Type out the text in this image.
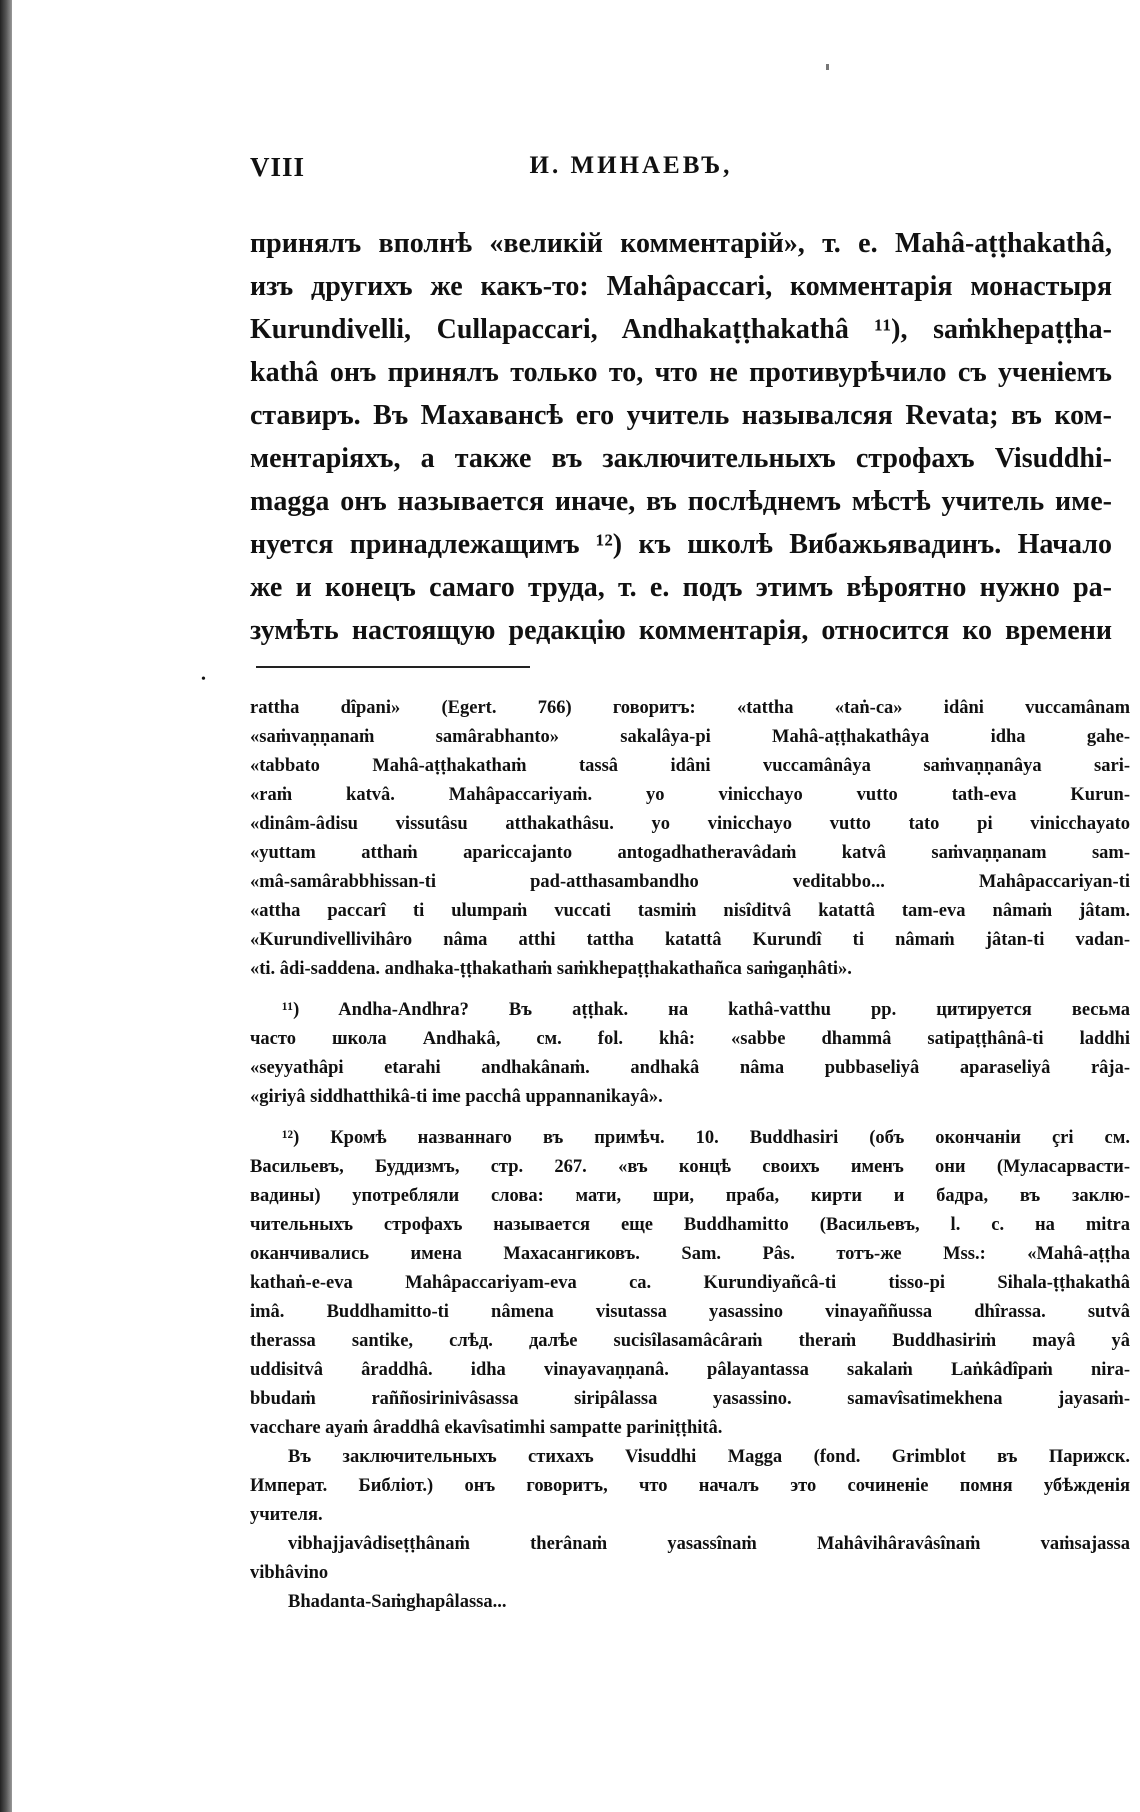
VIII	И. МИНАЕВЪ,

принялъ вполнѣ «великій комментарій», т. е. Mahâ-aṭṭhakathâ,

изъ другихъ же какъ-то: Mahâpaccari, комментарія монастыря

Kurundivelli, Cullapaccari, Andhakaṭṭhakathâ ¹¹), saṁkhepaṭṭha-

kathâ онъ принялъ только то, что не противурѣчило съ ученіемъ

ставиръ. Въ Махавансѣ его учитель называлсяя Revata; въ ком-

ментаріяхъ, а также въ заключительныхъ строфахъ Visuddhi-

magga онъ называется иначе, въ послѣднемъ мѣстѣ учитель име-

нуется принадлежащимъ ¹²) къ школѣ Вибажьявадинъ. Начало

же и конецъ самаго труда, т. е. подъ этимъ вѣроятно нужно ра-

зумѣть настоящую редакцію комментарія, относится ко времени

•
rattha dîpani» (Egert. 766) говоритъ: «tattha «taṅ-ca» idâni vuccamânam
«saṁvaṇṇanaṁ samârabhanto» sakalâya-pi Mahâ-aṭṭhakathâya idha gahe-
«tabbato Mahâ-aṭṭhakathaṁ tassâ idâni vuccamânâya saṁvaṇṇanâya sari-
«raṁ katvâ. Mahâpaccariyaṁ. yo vinicchayo vutto tath-eva Kurun-
«dinâm-âdisu vissutâsu atthakathâsu. yo vinicchayo vutto tato pi vinicchayato
«yuttam atthaṁ apariccajanto antogadhatheravâdaṁ katvâ saṁvaṇṇanam sam-
«mâ-samârabbhissan-ti pad-atthasambandho veditabbo... Mahâpaccariyan-ti
«attha paccarî ti ulumpaṁ vuccati tasmiṁ nisîditvâ katattâ tam-eva nâmaṁ jâtam.
«Kurundivellivihâro nâma atthi tattha katattâ Kurundî ti nâmaṁ jâtan-ti vadan-
«ti. âdi-saddena. andhaka-ṭṭhakathaṁ saṁkhepaṭṭhakathañca saṁgaṇhâti».
¹¹) Andha-Andhra? Въ aṭṭhak. на kathâ-vatthu pp. цитируется весьма
часто школа Andhakâ, см. fol. khâ: «sabbe dhammâ satipaṭṭhânâ-ti laddhi
«seyyathâpi etarahi andhakânaṁ. andhakâ nâma pubbaseliyâ aparaseliyâ râja-
«giriyâ siddhatthikâ-ti ime pacchâ uppannanikayâ».
¹²) Кромѣ названнаго въ примѣч. 10. Buddhasiri (объ окончаніи çri см.
Васильевъ, Буддизмъ, стр. 267. «въ концѣ своихъ именъ они (Муласарвасти-
вадины) употребляли слова: мати, шри, праба, кирти и бадра, въ заклю-
чительныхъ строфахъ называется еще Buddhamitto (Васильевъ, l. c. на mitra
оканчивались имена Махасангиковъ. Sam. Pâs. тотъ-же Mss.: «Mahâ-aṭṭha
kathaṅ-e-eva Mahâpaccariyam-eva ca. Kurundiyañcâ-ti tisso-pi Sihala-ṭṭhakathâ
imâ. Buddhamitto-ti nâmena visutassa yasassino vinayaññussa dhîrassa. sutvâ
therassa santike, слѣд. далѣе sucisîlasamâcâraṁ theraṁ Buddhasiriṁ mayâ yâ
uddisitvâ âraddhâ. idha vinayavaṇṇanâ. pâlayantassa sakalaṁ Laṅkâdîpaṁ nira-
bbudaṁ raññosirinivâsassa siripâlassa yasassino. samavîsatimekhena jayasaṁ-
vacchare ayaṁ âraddhâ ekavîsatimhi sampatte pariniṭṭhitâ.
Въ заключительныхъ стихахъ Visuddhi Magga (fond. Grimblot въ Парижск.
Императ. Библіот.) онъ говоритъ, что началъ это сочиненіе помня убѣжденія
учителя.
vibhajjavâdiseṭṭhânaṁ therânaṁ yasassînaṁ Mahâvihâravâsînaṁ vaṁsajassa
vibhâvino
Bhadanta-Saṁghapâlassa...
